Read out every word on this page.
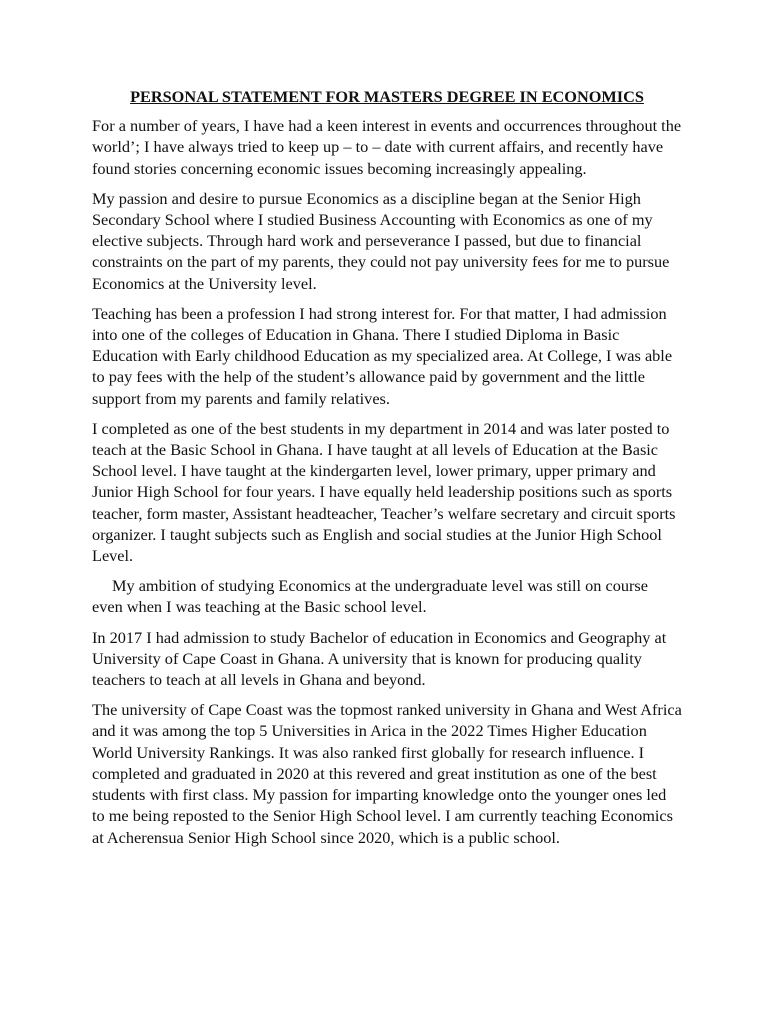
PERSONAL STATEMENT FOR MASTERS DEGREE IN ECONOMICS

For a number of years, I have had a keen interest in events and occurrences throughout the world’; I have always tried to keep up – to – date with current affairs, and recently have found stories concerning economic issues becoming increasingly appealing.

My passion and desire to pursue Economics as a discipline began at the Senior High Secondary School where I studied Business Accounting with Economics as one of my elective subjects. Through hard work and perseverance I passed, but due to financial constraints on the part of my parents, they could not pay university fees for me to pursue Economics at the University level.

Teaching has been a profession I had strong interest for. For that matter, I had admission into one of the colleges of Education in Ghana. There I studied Diploma in Basic Education with Early childhood Education as my specialized area. At College, I was able to pay fees with the help of the student’s allowance paid by government and the little support from my parents and family relatives.

I completed as one of the best students in my department in 2014 and was later posted to teach at the Basic School in Ghana. I have taught at all levels of Education at the Basic School level. I have taught at the kindergarten level, lower primary, upper primary and Junior High School for four years. I have equally held leadership positions such as sports teacher, form master, Assistant headteacher, Teacher’s welfare secretary and circuit sports organizer. I taught subjects such as English and social studies at the Junior High School Level.

My ambition of studying Economics at the undergraduate level was still on course even when I was teaching at the Basic school level.

In 2017 I had admission to study Bachelor of education in Economics and Geography at University of Cape Coast in Ghana. A university that is known for producing quality teachers to teach at all levels in Ghana and beyond.

The university of Cape Coast was the topmost ranked university in Ghana and West Africa and it was among the top 5 Universities in Arica in the 2022 Times Higher Education World University Rankings. It was also ranked first globally for research influence. I completed and graduated in 2020 at this revered and great institution as one of the best students with first class. My passion for imparting knowledge onto the younger ones led to me being reposted to the Senior High School level. I am currently teaching Economics at Acherensua Senior High School since 2020, which is a public school.
